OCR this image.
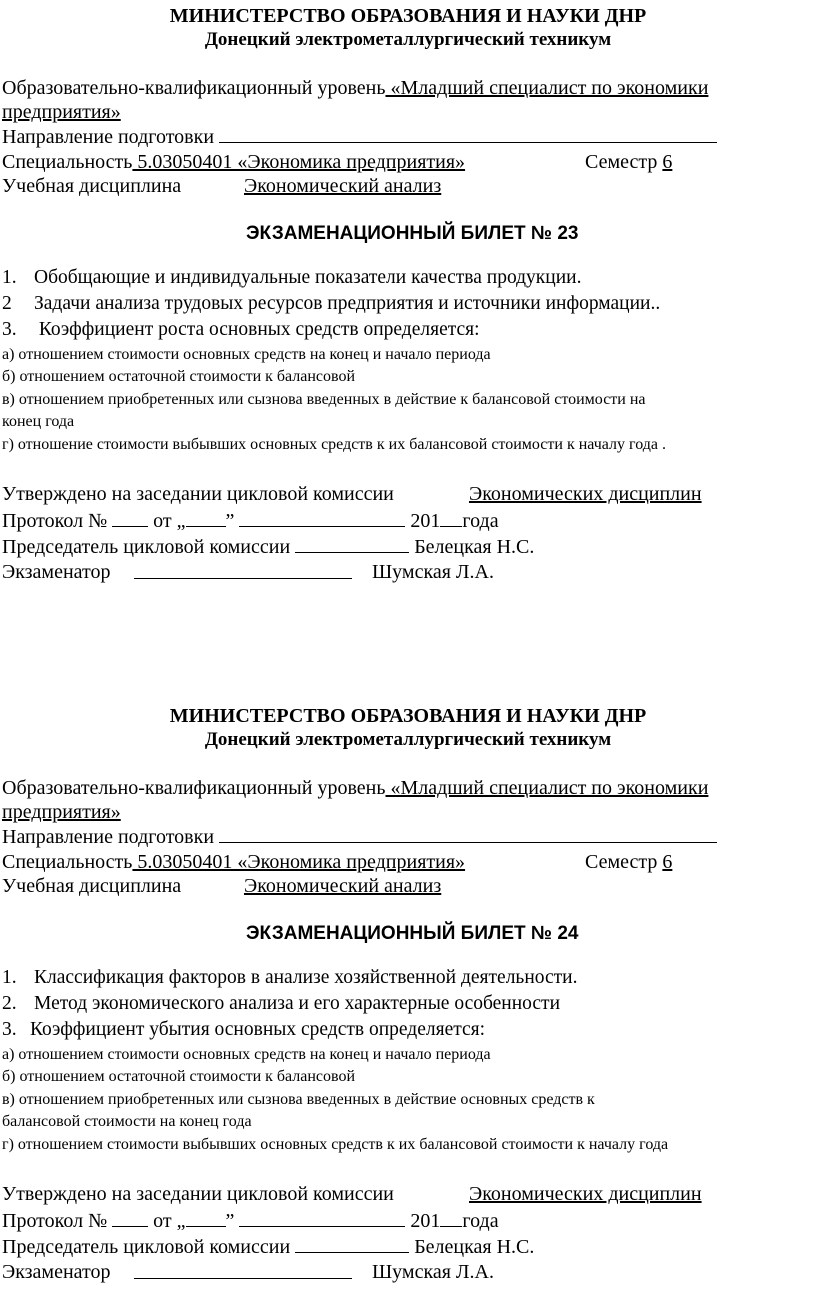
МИНИСТЕРСТВО ОБРАЗОВАНИЯ И НАУКИ ДНР
Донецкий электрометаллургический техникум
Образовательно-квалификационный уровень «Младший специалист по экономики
предприятия»
Направление подготовки
Специальность 5.03050401 «Экономика предприятия»	Семестр 6
Учебная дисциплина	Экономический анализ
ЭКЗАМЕНАЦИОННЫЙ БИЛЕТ № 23
1. Обобщающие и индивидуальные показатели качества продукции.
2 Задачи анализа трудовых ресурсов предприятия и источники информации..
3. Коэффициент роста основных средств определяется:
а) отношением стоимости основных средств на конец и начало периода
б) отношением остаточной стоимости к балансовой
в) отношением приобретенных или сызнова введенных в действие к балансовой стоимости на
конец года
г) отношение стоимости выбывших основных средств к их балансовой стоимости к началу года .
Утверждено на заседании цикловой комиссии	Экономических дисциплин
Протокол № от „ ”	201 года
Председатель цикловой комиссии	Белецкая Н.С.
Экзаменатор	Шумская Л.А.
МИНИСТЕРСТВО ОБРАЗОВАНИЯ И НАУКИ ДНР
Донецкий электрометаллургический техникум
Образовательно-квалификационный уровень «Младший специалист по экономики
предприятия»
Направление подготовки
Специальность 5.03050401 «Экономика предприятия»	Семестр 6
Учебная дисциплина	Экономический анализ
ЭКЗАМЕНАЦИОННЫЙ БИЛЕТ № 24
1. Классификация факторов в анализе хозяйственной деятельности.
2. Метод экономического анализа и его характерные особенности
3. Коэффициент убытия основных средств определяется:
а) отношением стоимости основных средств на конец и начало периода
б) отношением остаточной стоимости к балансовой
в) отношением приобретенных или сызнова введенных в действие основных средств к
балансовой стоимости на конец года
г) отношением стоимости выбывших основных средств к их балансовой стоимости к началу года
Утверждено на заседании цикловой комиссии	Экономических дисциплин
Протокол № от „ ”	201 года
Председатель цикловой комиссии	Белецкая Н.С.
Экзаменатор	Шумская Л.А.
